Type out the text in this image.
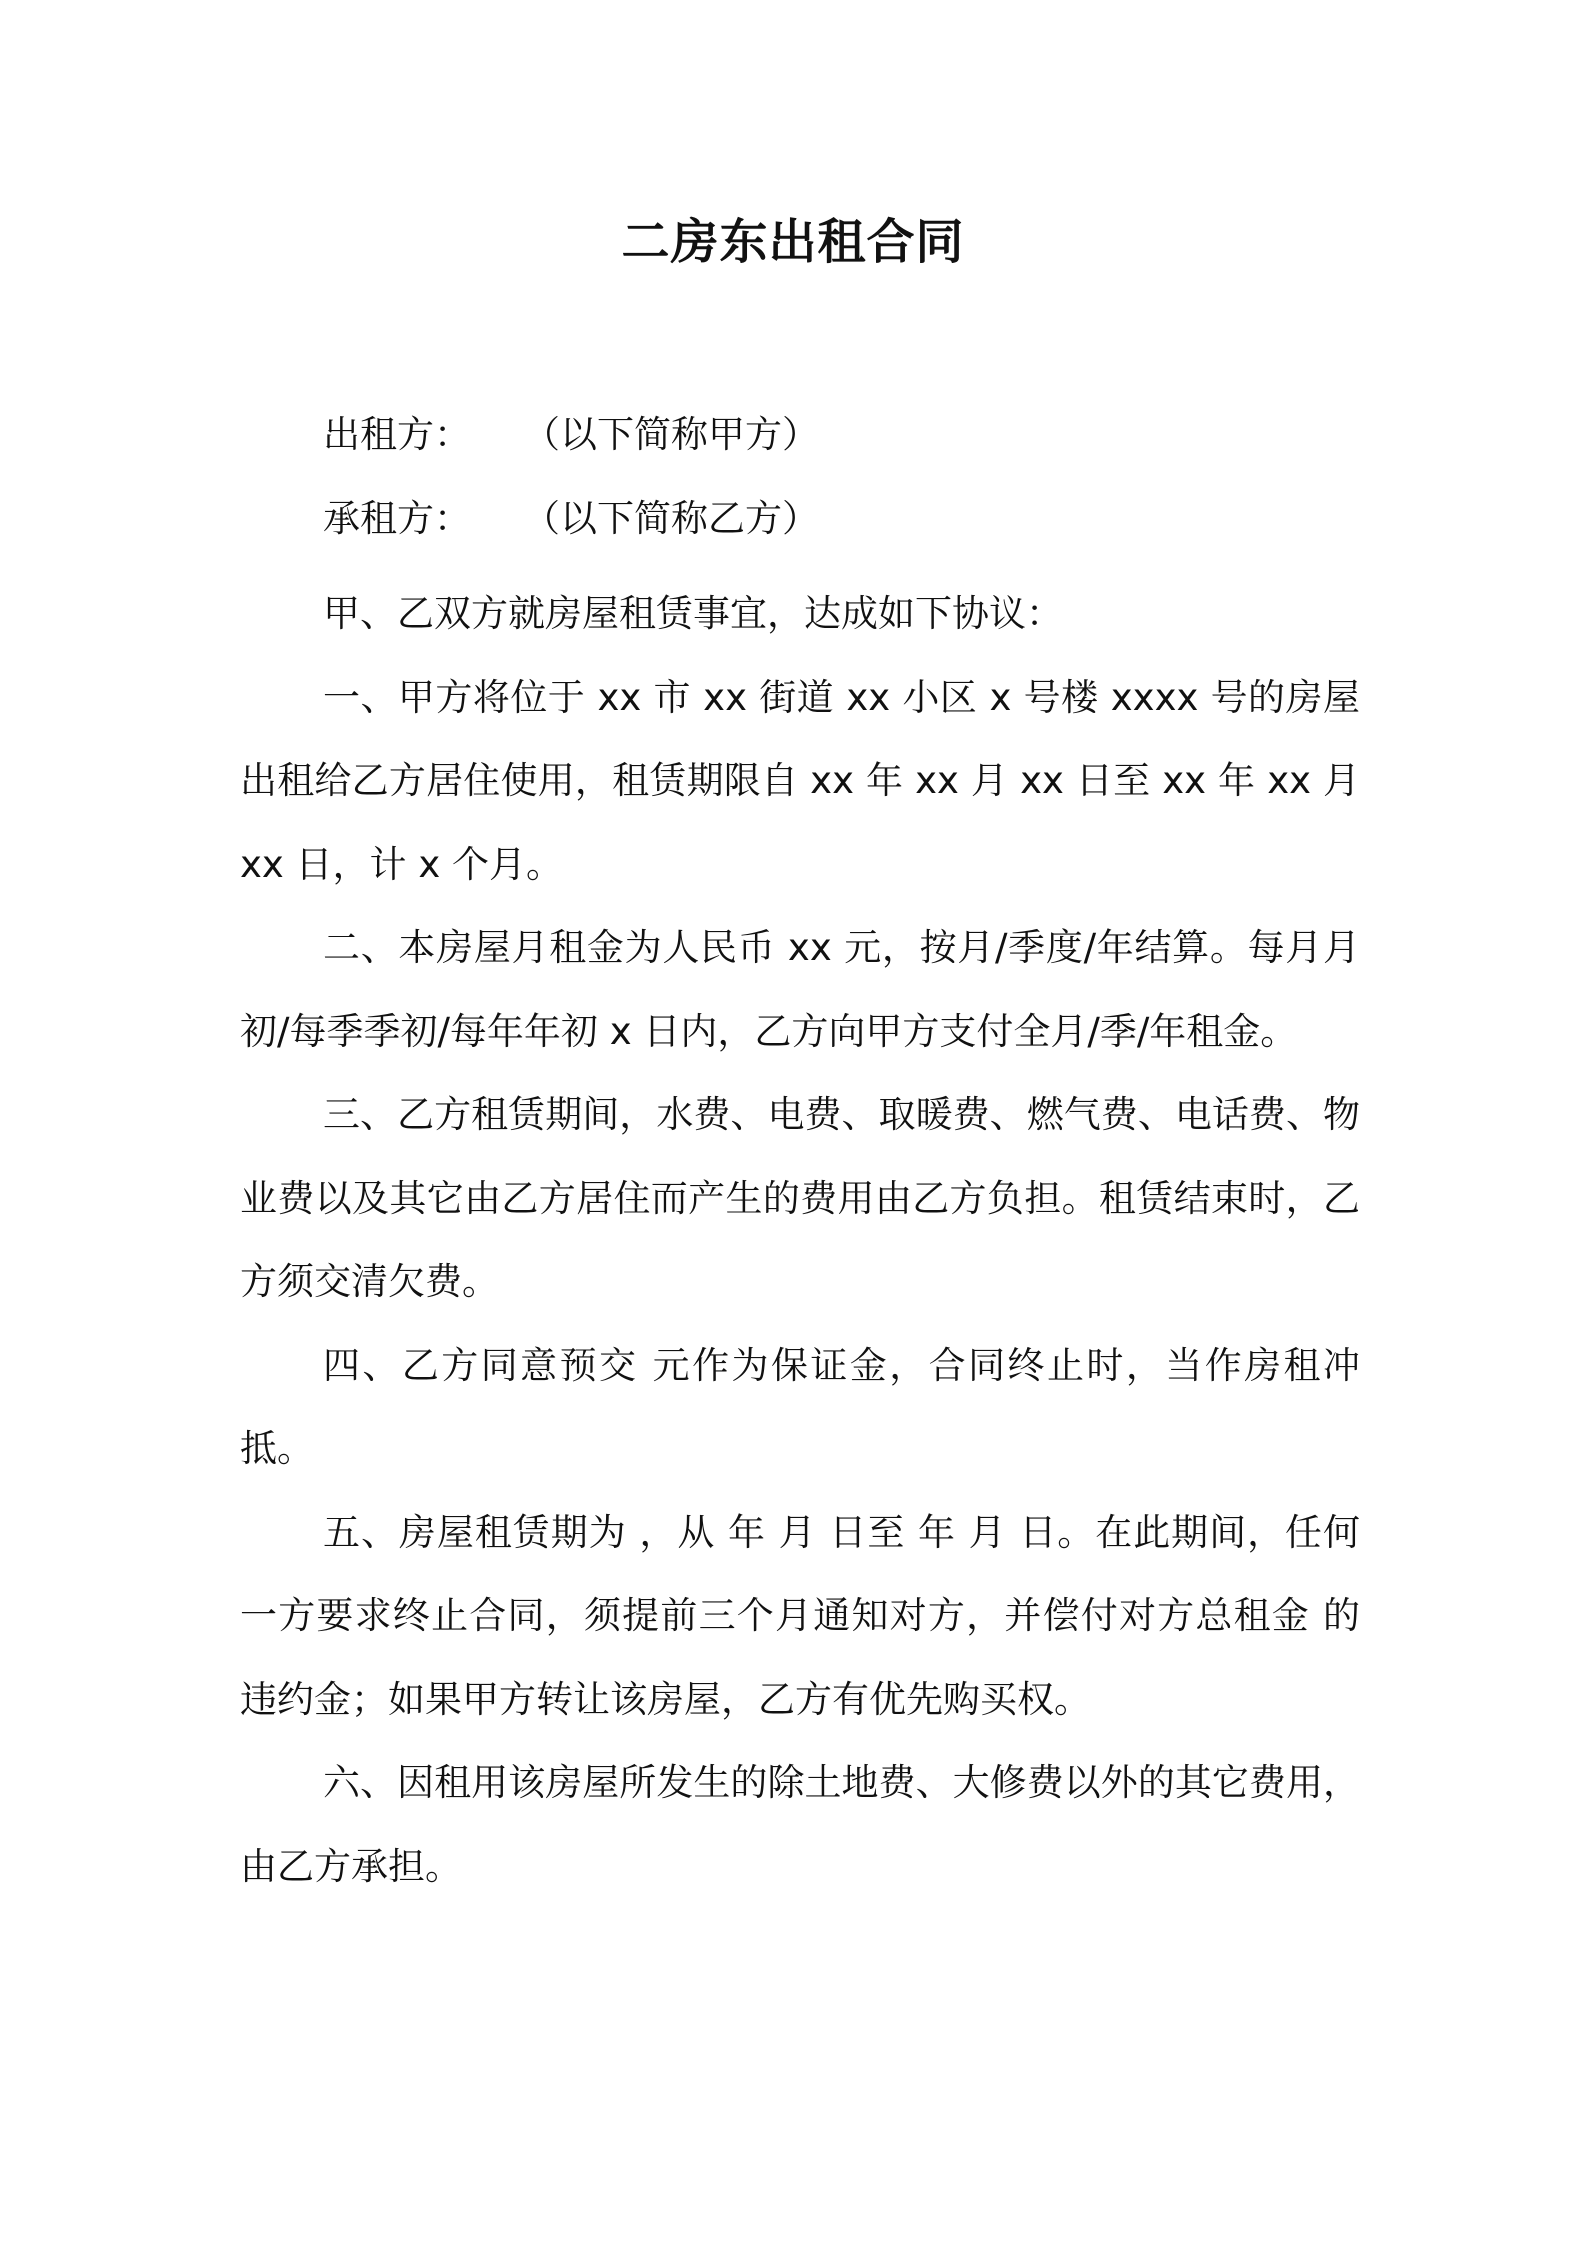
二房东出租合同

出租方： （以下简称甲方）

承租方： （以下简称乙方）

甲、乙双方就房屋租赁事宜，达成如下协议：

一、甲方将位于 xx 市 xx 街道 xx 小区 x 号楼 xxxx 号的房屋出租给乙方居住使用，租赁期限自 xx 年 xx 月 xx 日至 xx 年 xx 月 xx 日，计 x 个月。

二、本房屋月租金为人民币 xx 元，按月/季度/年结算。每月月初/每季季初/每年年初 x 日内，乙方向甲方支付全月/季/年租金。

三、乙方租赁期间，水费、电费、取暖费、燃气费、电话费、物业费以及其它由乙方居住而产生的费用由乙方负担。租赁结束时，乙方须交清欠费。

四、乙方同意预交 元作为保证金，合同终止时，当作房租冲抵。

五、房屋租赁期为 ，从 年 月 日至 年 月 日。在此期间，任何一方要求终止合同，须提前三个月通知对方，并偿付对方总租金 的违约金；如果甲方转让该房屋，乙方有优先购买权。

六、因租用该房屋所发生的除土地费、大修费以外的其它费用，由乙方承担。
